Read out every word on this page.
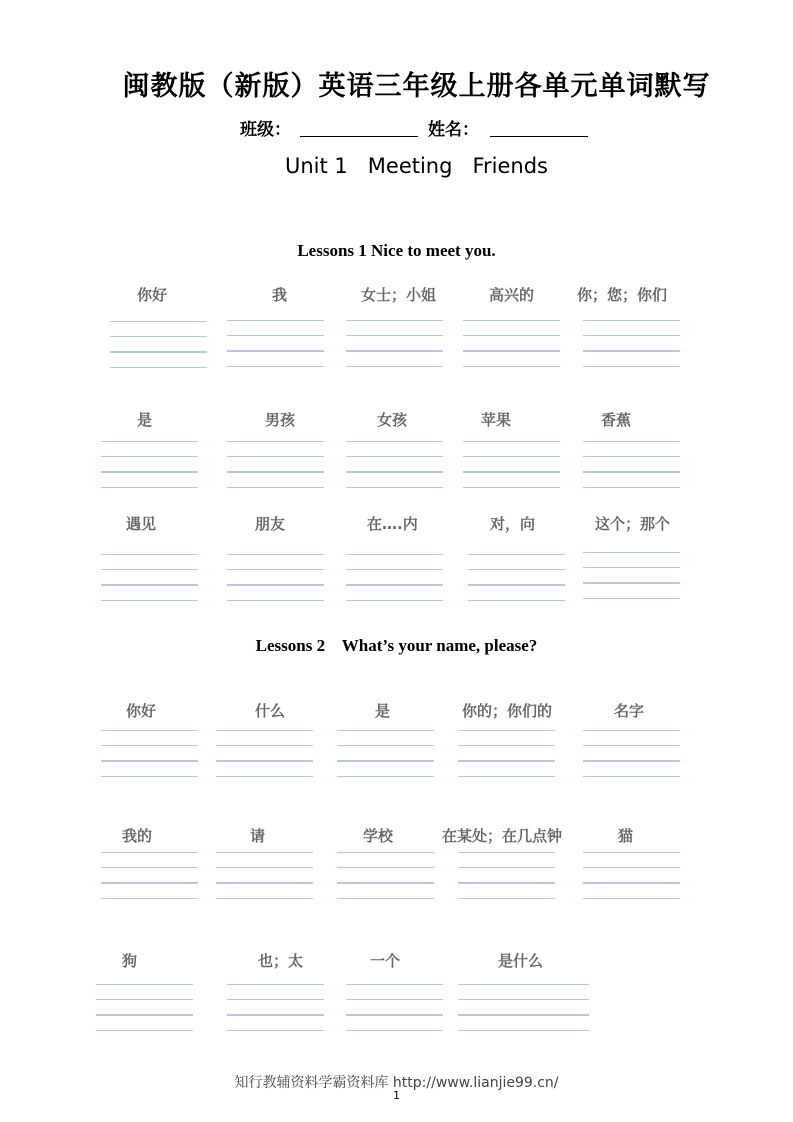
闽教版（新版）英语三年级上册各单元单词默写
班级：	姓名：
Unit 1 Meeting   Friends
Lessons 1 Nice to meet you.
你好	我	女士；小姐	高兴的	你；您；你们
是	男孩	女孩	苹果	香蕉
遇见	朋友	在….内	对，向	这个；那个
Lessons 2    What’s your name, please?
你好	什么	是	你的；你们的	名字
我的	请	学校	在某处；在几点钟	猫
狗	也；太	一个	是什么
知行教辅资料学霸资料库 http://www.lianjie99.cn/
1
